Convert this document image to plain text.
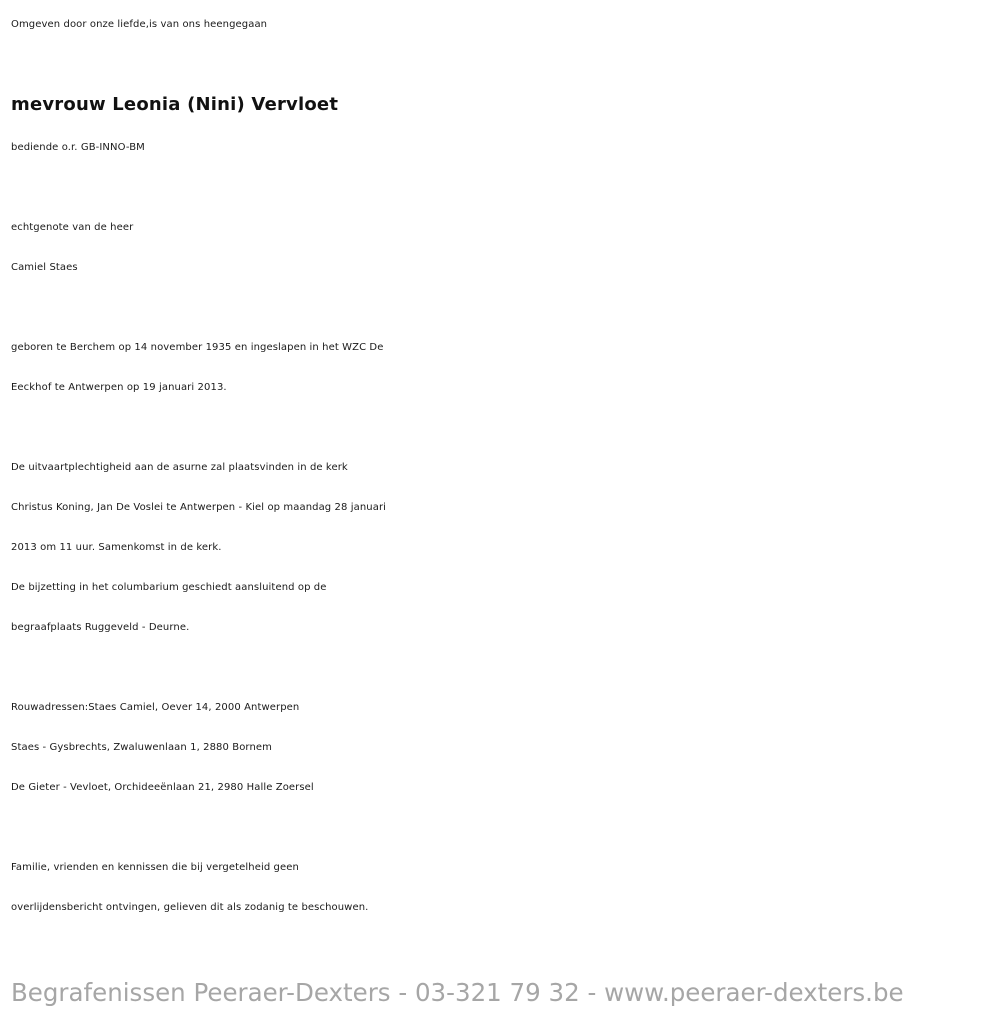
Omgeven door onze liefde,is van ons heengegaan
mevrouw Leonia (Nini) Vervloet
bediende o.r. GB-INNO-BM
echtgenote van de heer
Camiel Staes
geboren te Berchem op 14 november 1935 en ingeslapen in het WZC De
Eeckhof te Antwerpen op 19 januari 2013.
De uitvaartplechtigheid aan de asurne zal plaatsvinden in de kerk
Christus Koning, Jan De Voslei te Antwerpen - Kiel op maandag 28 januari
2013 om 11 uur. Samenkomst in de kerk.
De bijzetting in het columbarium geschiedt aansluitend op de
begraafplaats Ruggeveld - Deurne.
Rouwadressen:Staes Camiel, Oever 14, 2000 Antwerpen
Staes - Gysbrechts, Zwaluwenlaan 1, 2880 Bornem
De Gieter - Vevloet, Orchideeënlaan 21, 2980 Halle Zoersel
Familie, vrienden en kennissen die bij vergetelheid geen
overlijdensbericht ontvingen, gelieven dit als zodanig te beschouwen.
Begrafenissen Peeraer-Dexters - 03-321 79 32 - www.peeraer-dexters.be
